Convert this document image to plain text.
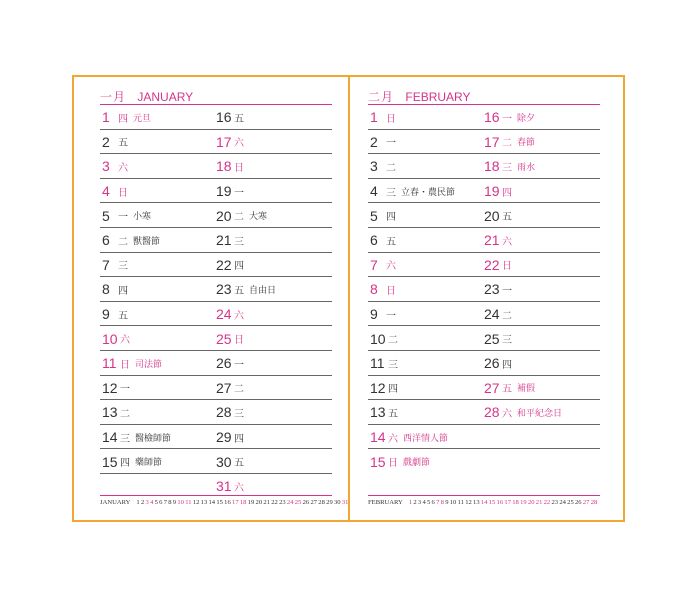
一月 JANUARY
1 四 元旦	16 五
2 五	17 六
3 六	18 日
4 日	19 一
5 一 小寒	20 二 大寒
6 二 獸醫節	21 三
7 三	22 四
8 四	23 五 自由日
9 五	24 六
10 六	25 日
11 日 司法節	26 一
12 一	27 二
13 二	28 三
14 三 醫檢師節	29 四
15 四 藥師節	30 五
31 六
JANUARY 12345678910111213141516171819202122232425262728293031
二月 FEBRUARY
1 日	16 一 除夕
2 一	17 二 春節
3 二	18 三 雨水
4 三 立春・農民節 19 四
5 四	20 五
6 五	21 六
7 六	22 日
8 日	23 一
9 一	24 二
10 二	25 三
11 三	26 四
12 四	27 五 補假
13 五	28 六 和平紀念日
14 六 西洋情人節
15 日 戲劇節
FEBRUARY 12345678910111213141516171819202122232425262728
